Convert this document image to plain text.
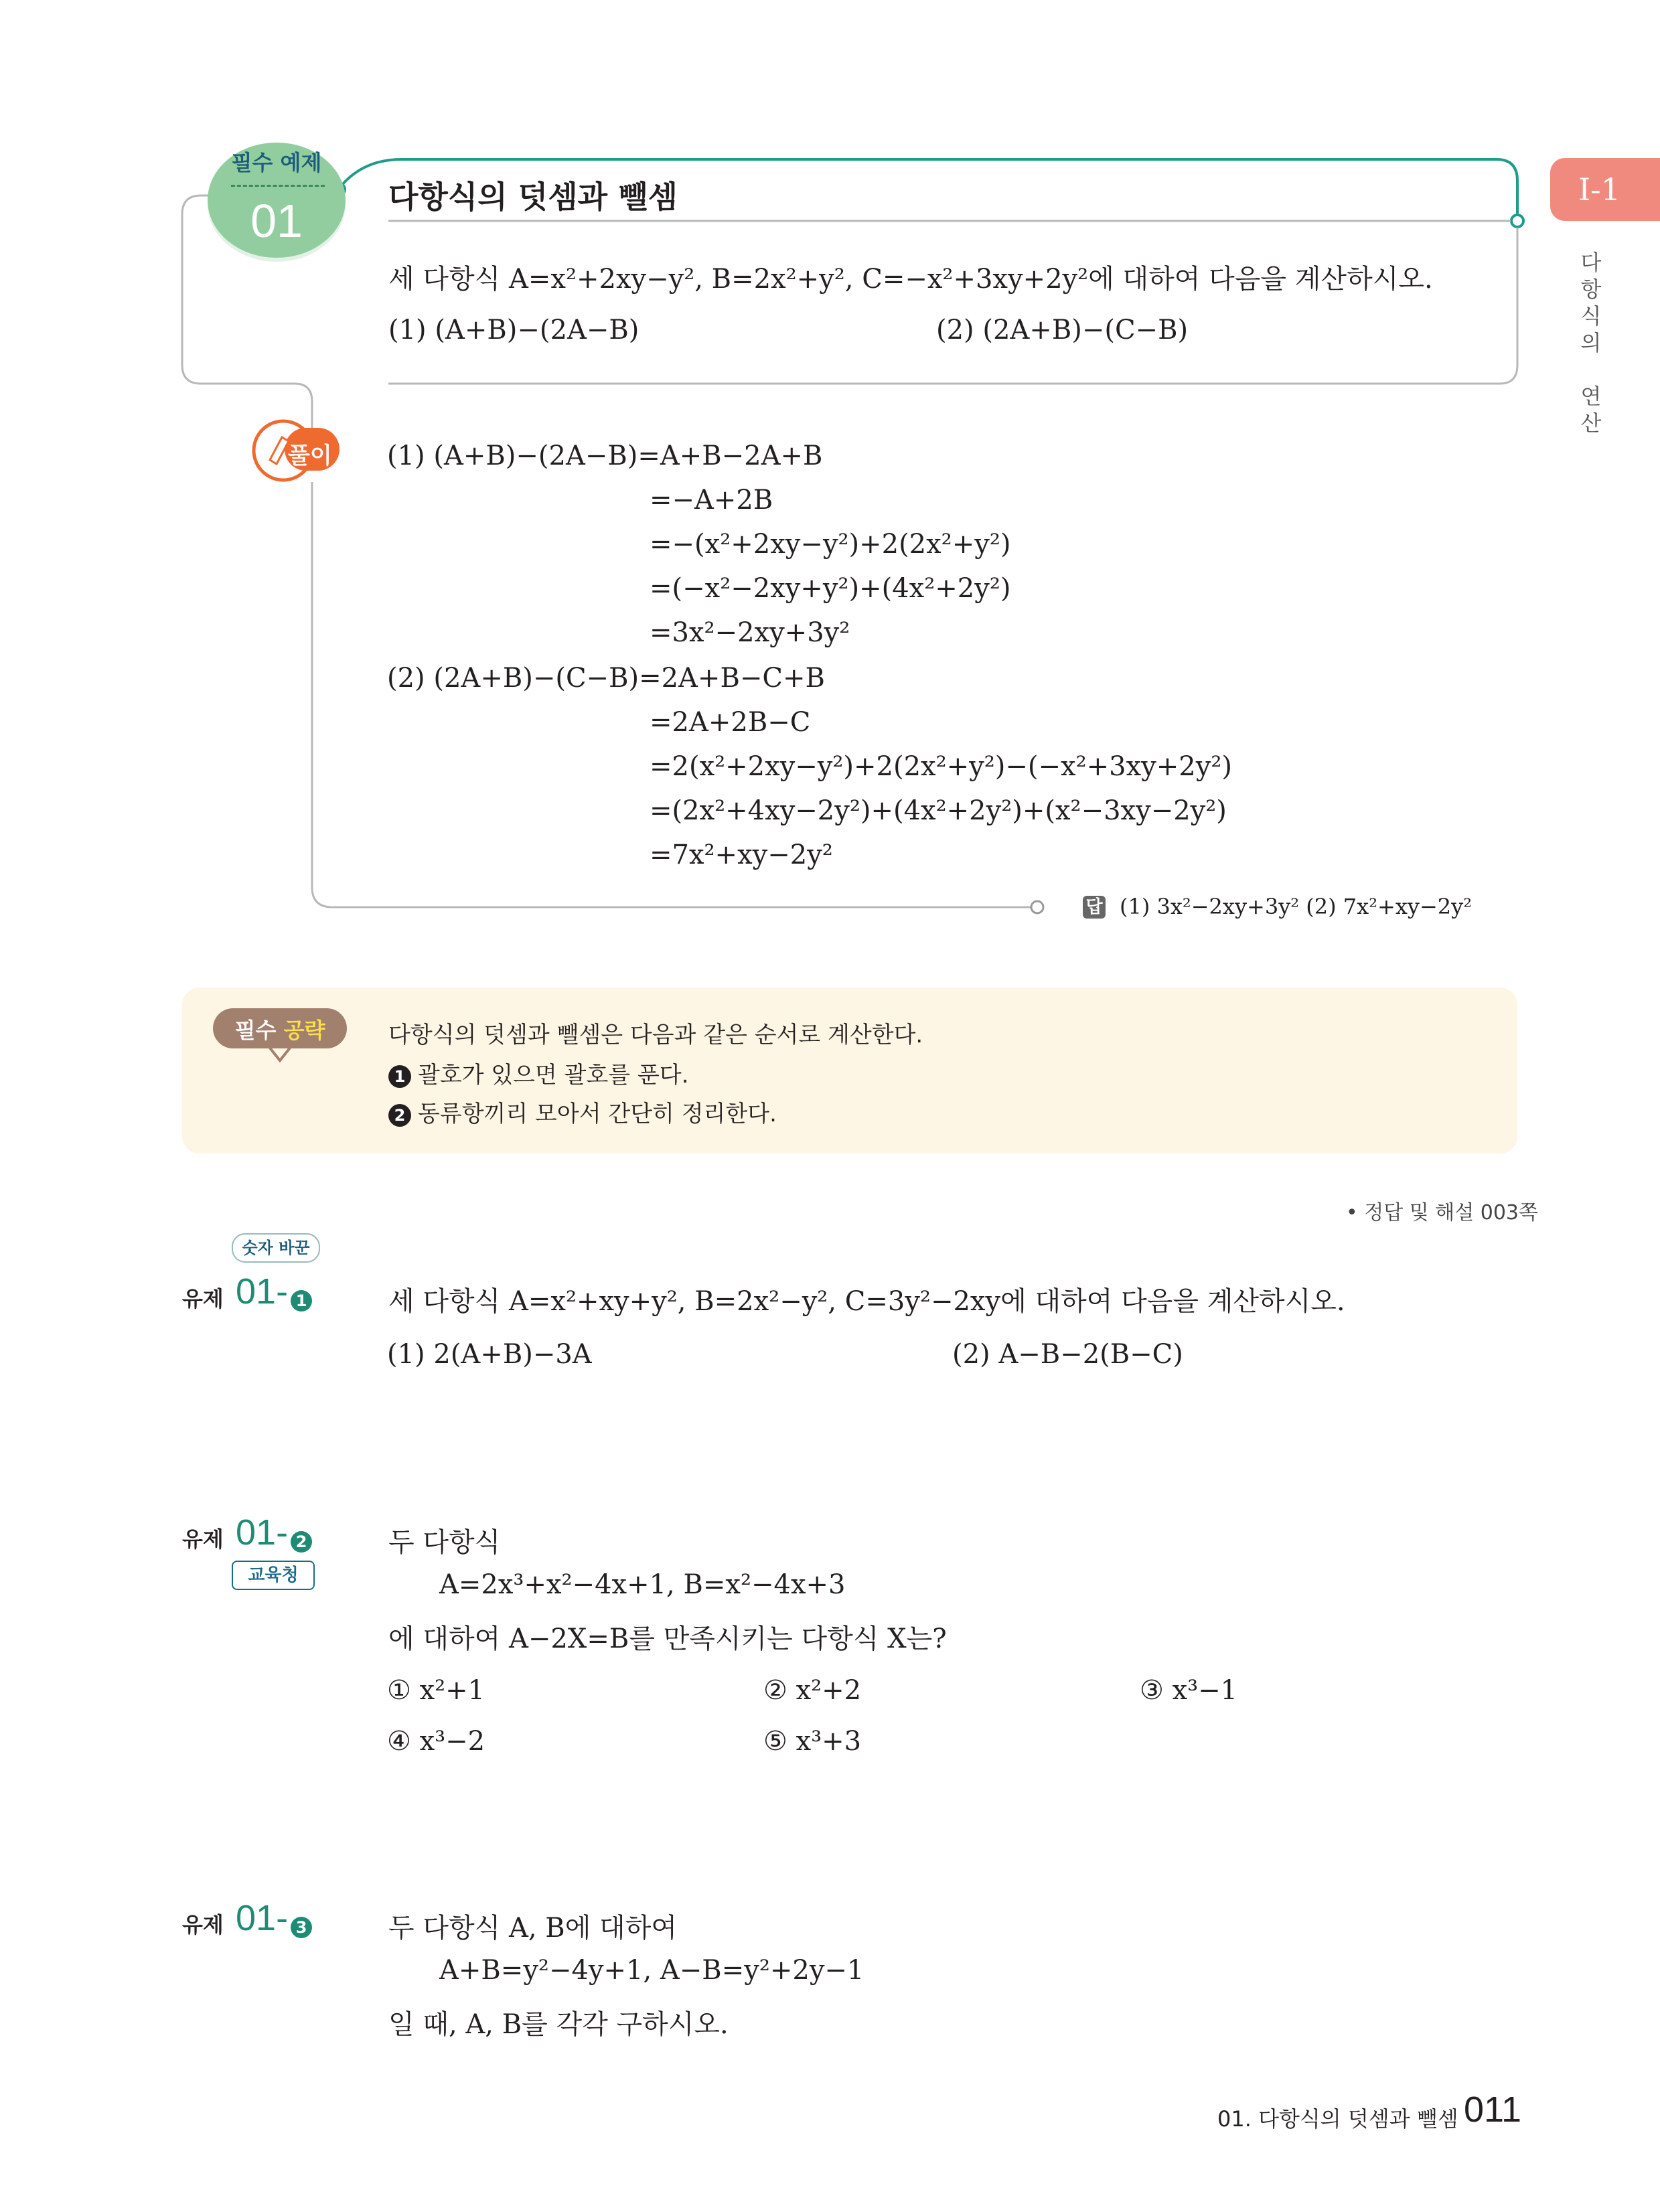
I-1
다
항
식
의

연
산
필수 예제
01	다항식의 덧셈과 뺄셈
세 다항식 A=x²+2xy−y², B=2x²+y², C=−x²+3xy+2y²에 대하여 다음을 계산하시오.
(1) (A+B)−(2A−B)	(2) (2A+B)−(C−B)
풀이 (1) (A+B)−(2A−B)=A+B−2A+B
=−A+2B
=−(x²+2xy−y²)+2(2x²+y²)
=(−x²−2xy+y²)+(4x²+2y²)
=3x²−2xy+3y²
(2) (2A+B)−(C−B)=2A+B−C+B
=2A+2B−C
=2(x²+2xy−y²)+2(2x²+y²)−(−x²+3xy+2y²)
=(2x²+4xy−2y²)+(4x²+2y²)+(x²−3xy−2y²)
=7x²+xy−2y²
답 (1) 3x²−2xy+3y² (2) 7x²+xy−2y²
필수 공략	다항식의 덧셈과 뺄셈은 다음과 같은 순서로 계산한다.
1 괄호가 있으면 괄호를 푼다.
2 동류항끼리 모아서 간단히 정리한다.
• 정답 및 해설 003쪽
숫자 바꾼
유제 01- 1	세 다항식 A=x²+xy+y², B=2x²−y², C=3y²−2xy에 대하여 다음을 계산하시오.
(1) 2(A+B)−3A	(2) A−B−2(B−C)
유제 01- 2
교육청
두 다항식
A=2x³+x²−4x+1, B=x²−4x+3
에 대하여 A−2X=B를 만족시키는 다항식 X는?
① x²+1	② x²+2	③ x³−1
④ x³−2	⑤ x³+3
유제 01- 3	두 다항식 A, B에 대하여
A+B=y²−4y+1, A−B=y²+2y−1
일 때, A, B를 각각 구하시오.
01. 다항식의 덧셈과 뺄셈 011
